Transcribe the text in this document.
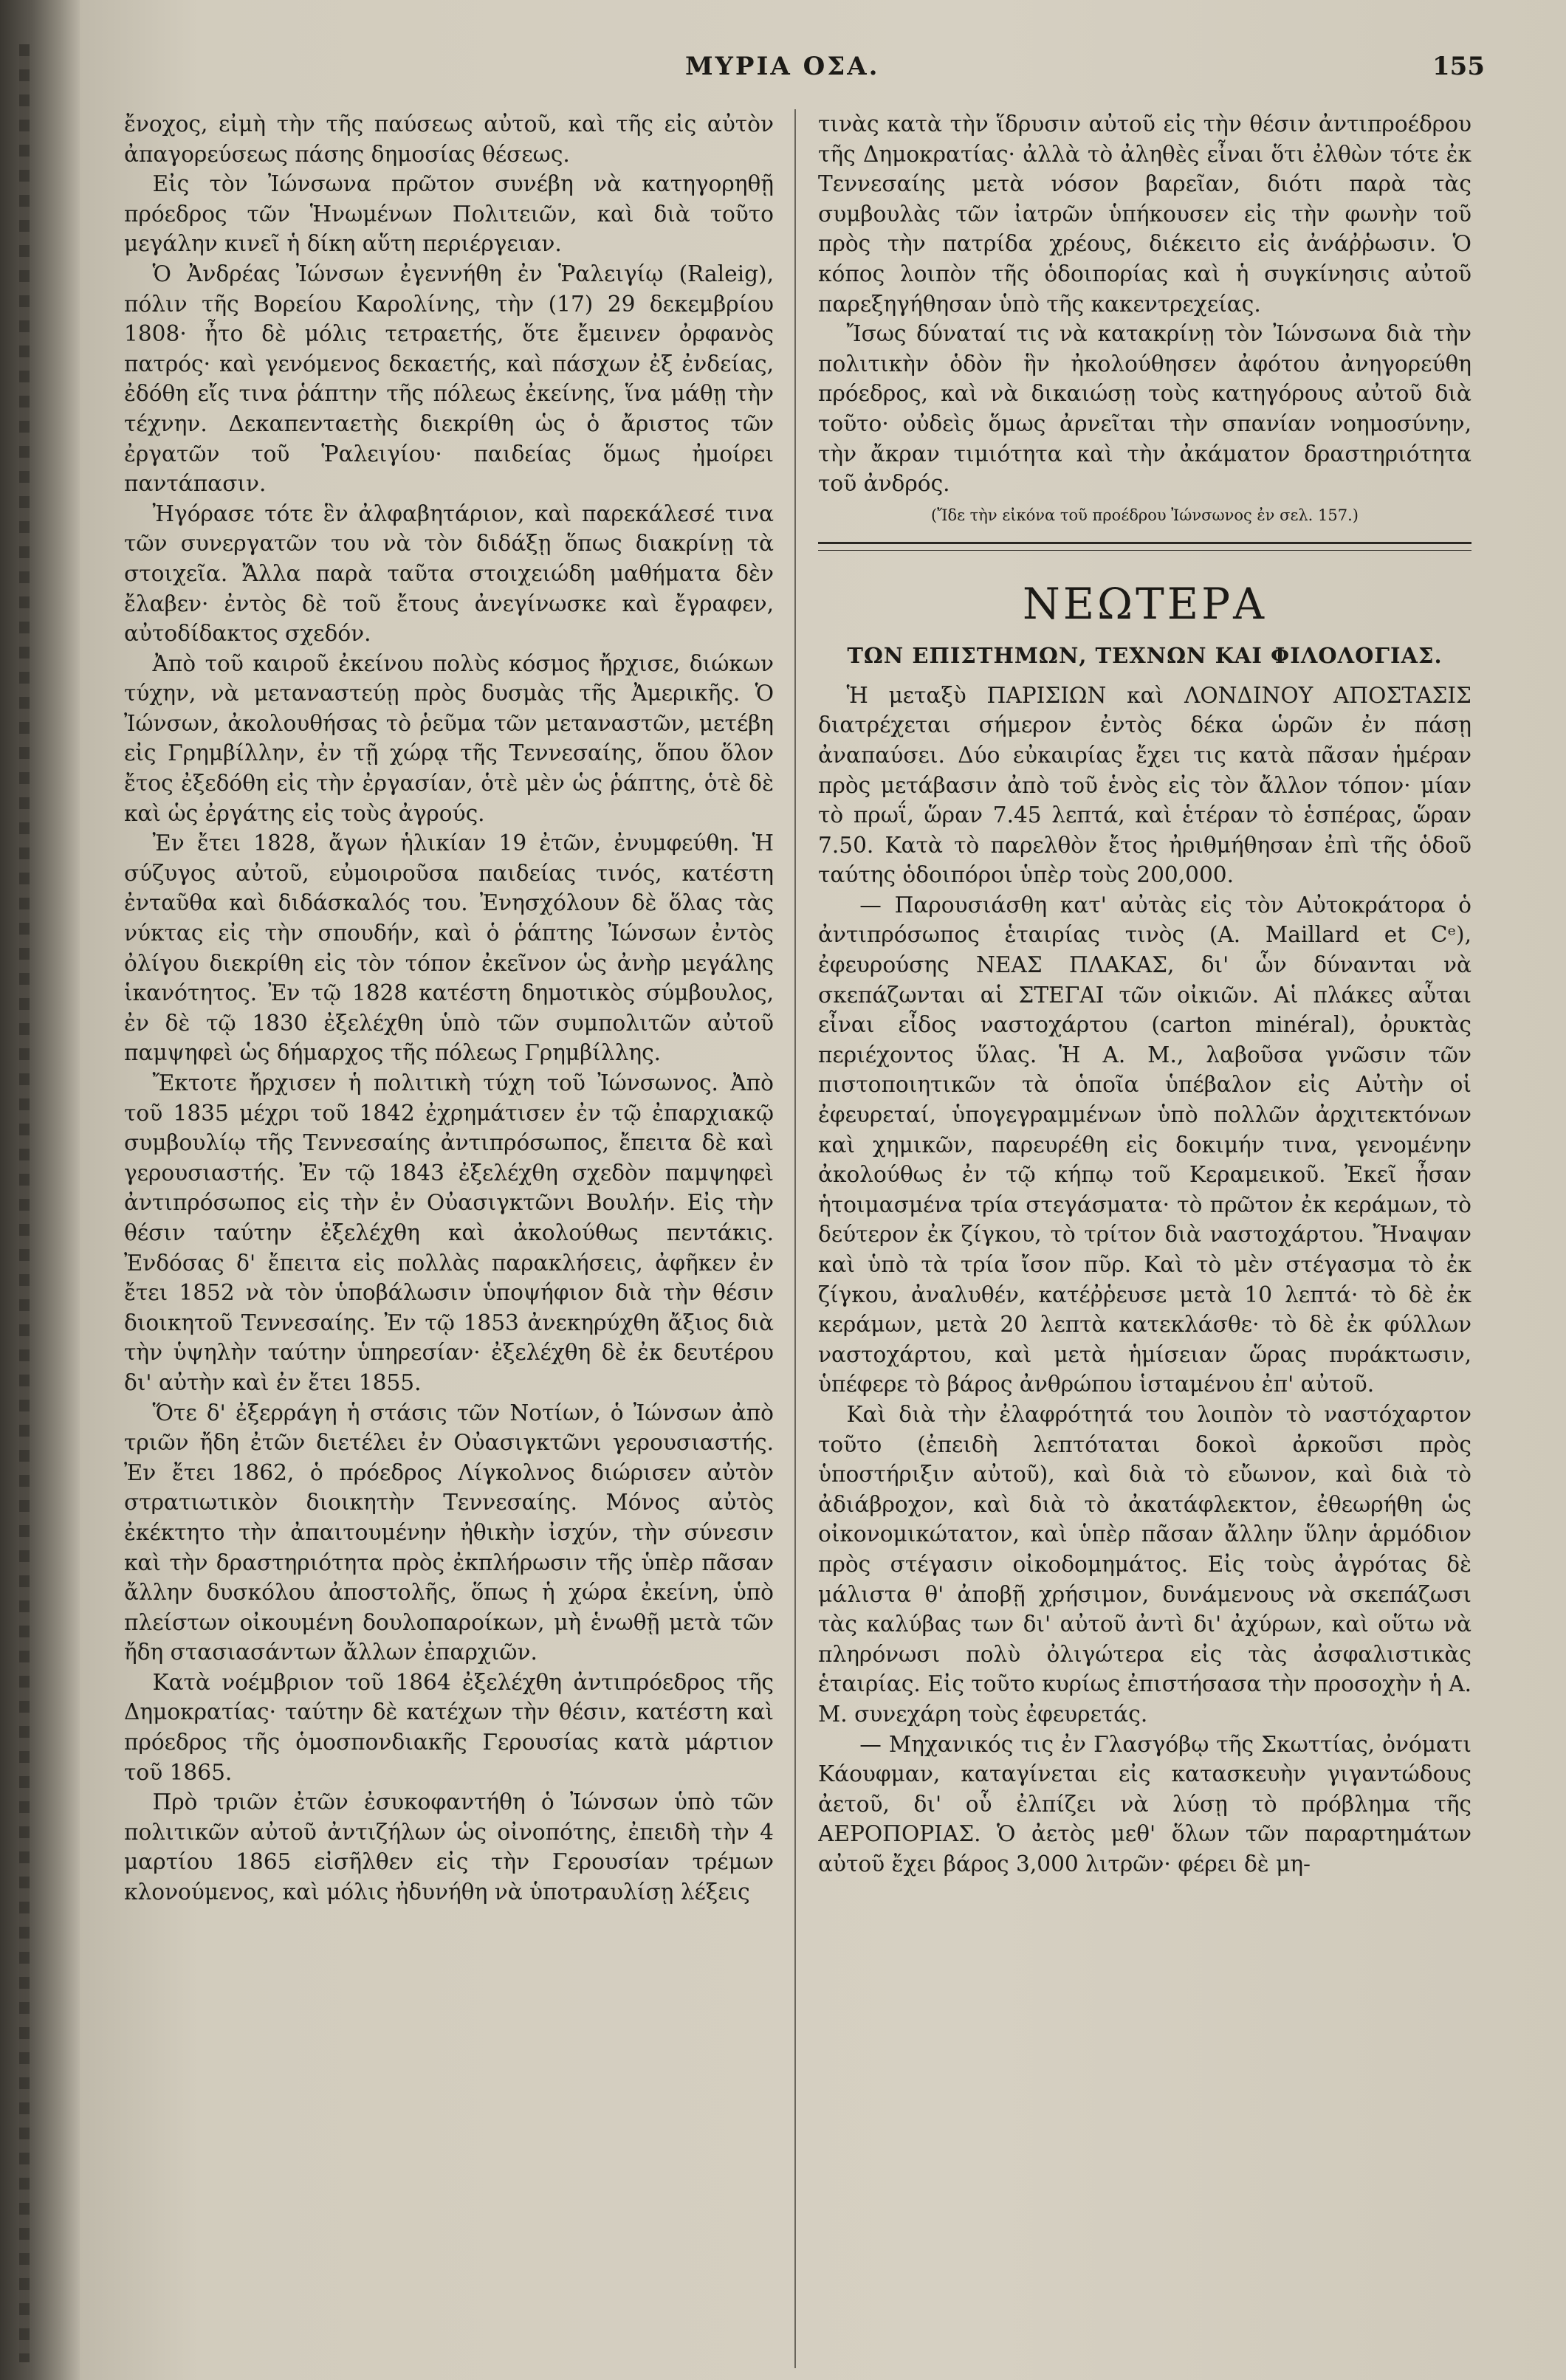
ΜΥΡΙΑ ΟΣΑ.	155

ἔνοχος, εἰμὴ τὴν τῆς παύσεως αὐτοῦ, καὶ τῆς εἰς αὐτὸν ἀπαγορεύσεως πάσης δημοσίας θέσεως.

Εἰς τὸν Ἰώνσωνα πρῶτον συνέβη νὰ κατηγορηθῇ πρόεδρος τῶν Ἡνωμένων Πολιτειῶν, καὶ διὰ τοῦτο μεγάλην κινεῖ ἡ δίκη αὕτη περιέργειαν.

Ὁ Ἀνδρέας Ἰώνσων ἐγεννήθη ἐν Ῥαλειγίῳ (Raleig), πόλιν τῆς Βορείου Καρολίνης, τὴν (17) 29 δεκεμβρίου 1808· ἦτο δὲ μόλις τετραετής, ὅτε ἔμεινεν ὀρφανὸς πατρός· καὶ γενόμενος δεκαετής, καὶ πάσχων ἐξ ἐνδείας, ἐδόθη εἴς τινα ῥάπτην τῆς πόλεως ἐκείνης, ἵνα μάθῃ τὴν τέχνην. Δεκαπενταετὴς διεκρίθη ὡς ὁ ἄριστος τῶν ἐργατῶν τοῦ Ῥαλειγίου· παιδείας ὅμως ἠμοίρει παντάπασιν.

Ἠγόρασε τότε ἓν ἀλφαβητάριον, καὶ παρεκάλεσέ τινα τῶν συνεργατῶν του νὰ τὸν διδάξῃ ὅπως διακρίνῃ τὰ στοιχεῖα. Ἄλλα παρὰ ταῦτα στοιχειώδη μαθήματα δὲν ἔλαβεν· ἐντὸς δὲ τοῦ ἔτους ἀνεγίνωσκε καὶ ἔγραφεν, αὐτοδίδακτος σχεδόν.

Ἀπὸ τοῦ καιροῦ ἐκείνου πολὺς κόσμος ἤρχισε, διώκων τύχην, νὰ μεταναστεύῃ πρὸς δυσμὰς τῆς Ἀμερικῆς. Ὁ Ἰώνσων, ἀκολουθήσας τὸ ῥεῦμα τῶν μεταναστῶν, μετέβη εἰς Γρημβίλλην, ἐν τῇ χώρᾳ τῆς Τεννεσαίης, ὅπου ὅλον ἔτος ἐξεδόθη εἰς τὴν ἐργασίαν, ὁτὲ μὲν ὡς ῥάπτης, ὁτὲ δὲ καὶ ὡς ἐργάτης εἰς τοὺς ἀγρούς.

Ἐν ἔτει 1828, ἄγων ἡλικίαν 19 ἐτῶν, ἐνυμφεύθη. Ἡ σύζυγος αὐτοῦ, εὐμοιροῦσα παιδείας τινός, κατέστη ἐνταῦθα καὶ διδάσκαλός του. Ἐνησχόλουν δὲ ὅλας τὰς νύκτας εἰς τὴν σπουδήν, καὶ ὁ ῥάπτης Ἰώνσων ἐντὸς ὀλίγου διεκρίθη εἰς τὸν τόπον ἐκεῖνον ὡς ἀνὴρ μεγάλης ἱκανότητος. Ἐν τῷ 1828 κατέστη δημοτικὸς σύμβουλος, ἐν δὲ τῷ 1830 ἐξελέχθη ὑπὸ τῶν συμπολιτῶν αὐτοῦ παμψηφεὶ ὡς δήμαρχος τῆς πόλεως Γρημβίλλης.

Ἔκτοτε ἤρχισεν ἡ πολιτικὴ τύχη τοῦ Ἰώνσωνος. Ἀπὸ τοῦ 1835 μέχρι τοῦ 1842 ἐχρημάτισεν ἐν τῷ ἐπαρχιακῷ συμβουλίῳ τῆς Τεννεσαίης ἀντιπρόσωπος, ἔπειτα δὲ καὶ γερουσιαστής. Ἐν τῷ 1843 ἐξελέχθη σχεδὸν παμψηφεὶ ἀντιπρόσωπος εἰς τὴν ἐν Οὐασιγκτῶνι Βουλήν. Εἰς τὴν θέσιν ταύτην ἐξελέχθη καὶ ἀκολούθως πεντάκις. Ἐνδόσας δ' ἔπειτα εἰς πολλὰς παρακλήσεις, ἀφῆκεν ἐν ἔτει 1852 νὰ τὸν ὑποβάλωσιν ὑποψήφιον διὰ τὴν θέσιν διοικητοῦ Τεννεσαίης. Ἐν τῷ 1853 ἀνεκηρύχθη ἄξιος διὰ τὴν ὑψηλὴν ταύτην ὑπηρεσίαν· ἐξελέχθη δὲ ἐκ δευτέρου δι' αὐτὴν καὶ ἐν ἔτει 1855.

Ὅτε δ' ἐξερράγη ἡ στάσις τῶν Νοτίων, ὁ Ἰώνσων ἀπὸ τριῶν ἤδη ἐτῶν διετέλει ἐν Οὐασιγκτῶνι γερουσιαστής. Ἐν ἔτει 1862, ὁ πρόεδρος Λίγκολνος διώρισεν αὐτὸν στρατιωτικὸν διοικητὴν Τεννεσαίης. Μόνος αὐτὸς ἐκέκτητο τὴν ἀπαιτουμένην ἠθικὴν ἰσχύν, τὴν σύνεσιν καὶ τὴν δραστηριότητα πρὸς ἐκπλήρωσιν τῆς ὑπὲρ πᾶσαν ἄλλην δυσκόλου ἀποστολῆς, ὅπως ἡ χώρα ἐκείνη, ὑπὸ πλείστων οἰκουμένη δουλοπαροίκων, μὴ ἑνωθῇ μετὰ τῶν ἤδη στασιασάντων ἄλλων ἐπαρχιῶν.

Κατὰ νοέμβριον τοῦ 1864 ἐξελέχθη ἀντιπρόεδρος τῆς Δημοκρατίας· ταύτην δὲ κατέχων τὴν θέσιν, κατέστη καὶ πρόεδρος τῆς ὁμοσπονδιακῆς Γερουσίας κατὰ μάρτιον τοῦ 1865.

Πρὸ τριῶν ἐτῶν ἐσυκοφαντήθη ὁ Ἰώνσων ὑπὸ τῶν πολιτικῶν αὐτοῦ ἀντιζήλων ὡς οἰνοπότης, ἐπειδὴ τὴν 4 μαρτίου 1865 εἰσῆλθεν εἰς τὴν Γερουσίαν τρέμων κλονούμενος, καὶ μόλις ἠδυνήθη νὰ ὑποτραυλίσῃ λέξεις

τινὰς κατὰ τὴν ἵδρυσιν αὐτοῦ εἰς τὴν θέσιν ἀντιπροέδρου τῆς Δημοκρατίας· ἀλλὰ τὸ ἀληθὲς εἶναι ὅτι ἐλθὼν τότε ἐκ Τεννεσαίης μετὰ νόσον βαρεῖαν, διότι παρὰ τὰς συμβουλὰς τῶν ἰατρῶν ὑπήκουσεν εἰς τὴν φωνὴν τοῦ πρὸς τὴν πατρίδα χρέους, διέκειτο εἰς ἀνάῤῥωσιν. Ὁ κόπος λοιπὸν τῆς ὁδοιπορίας καὶ ἡ συγκίνησις αὐτοῦ παρεξηγήθησαν ὑπὸ τῆς κακεντρεχείας.

Ἴσως δύναταί τις νὰ κατακρίνῃ τὸν Ἰώνσωνα διὰ τὴν πολιτικὴν ὁδὸν ἣν ἠκολούθησεν ἀφότου ἀνηγορεύθη πρόεδρος, καὶ νὰ δικαιώσῃ τοὺς κατηγόρους αὐτοῦ διὰ τοῦτο· οὐδεὶς ὅμως ἀρνεῖται τὴν σπανίαν νοημοσύνην, τὴν ἄκραν τιμιότητα καὶ τὴν ἀκάματον δραστηριότητα τοῦ ἀνδρός.

(Ἴδε τὴν εἰκόνα τοῦ προέδρου Ἰώνσωνος ἐν σελ. 157.)

ΝΕΩΤΕΡΑ
ΤΩΝ ΕΠΙΣΤΗΜΩΝ, ΤΕΧΝΩΝ ΚΑΙ ΦΙΛΟΛΟΓΙΑΣ.

Ἡ μεταξὺ ΠΑΡΙΣΙΩΝ καὶ ΛΟΝΔΙΝΟΥ ΑΠΟΣΤΑΣΙΣ διατρέχεται σήμερον ἐντὸς δέκα ὡρῶν ἐν πάσῃ ἀναπαύσει. Δύο εὐκαιρίας ἔχει τις κατὰ πᾶσαν ἡμέραν πρὸς μετάβασιν ἀπὸ τοῦ ἑνὸς εἰς τὸν ἄλλον τόπον· μίαν τὸ πρωΐ, ὥραν 7.45 λεπτά, καὶ ἑτέραν τὸ ἑσπέρας, ὥραν 7.50. Κατὰ τὸ παρελθὸν ἔτος ἠριθμήθησαν ἐπὶ τῆς ὁδοῦ ταύτης ὁδοιπόροι ὑπὲρ τοὺς 200,000.

— Παρουσιάσθη κατ' αὐτὰς εἰς τὸν Αὐτοκράτορα ὁ ἀντιπρόσωπος ἑταιρίας τινὸς (A. Maillard et Cᵉ), ἐφευρούσης ΝΕΑΣ ΠΛΑΚΑΣ, δι' ὧν δύνανται νὰ σκεπάζωνται αἱ ΣΤΕΓΑΙ τῶν οἰκιῶν. Αἱ πλάκες αὗται εἶναι εἶδος ναστοχάρτου (carton minéral), ὀρυκτὰς περιέχοντος ὕλας. Ἡ Α. Μ., λαβοῦσα γνῶσιν τῶν πιστοποιητικῶν τὰ ὁποῖα ὑπέβαλον εἰς Αὐτὴν οἱ ἐφευρεταί, ὑπογεγραμμένων ὑπὸ πολλῶν ἀρχιτεκτόνων καὶ χημικῶν, παρευρέθη εἰς δοκιμήν τινα, γενομένην ἀκολούθως ἐν τῷ κήπῳ τοῦ Κεραμεικοῦ. Ἐκεῖ ἦσαν ἡτοιμασμένα τρία στεγάσματα· τὸ πρῶτον ἐκ κεράμων, τὸ δεύτερον ἐκ ζίγκου, τὸ τρίτον διὰ ναστοχάρτου. Ἤναψαν καὶ ὑπὸ τὰ τρία ἴσον πῦρ. Καὶ τὸ μὲν στέγασμα τὸ ἐκ ζίγκου, ἀναλυθέν, κατέῤῥευσε μετὰ 10 λεπτά· τὸ δὲ ἐκ κεράμων, μετὰ 20 λεπτὰ κατεκλάσθε· τὸ δὲ ἐκ φύλλων ναστοχάρτου, καὶ μετὰ ἡμίσειαν ὥρας πυράκτωσιν, ὑπέφερε τὸ βάρος ἀνθρώπου ἱσταμένου ἐπ' αὐτοῦ.

Καὶ διὰ τὴν ἐλαφρότητά του λοιπὸν τὸ ναστόχαρτον τοῦτο (ἐπειδὴ λεπτόταται δοκοὶ ἀρκοῦσι πρὸς ὑποστήριξιν αὐτοῦ), καὶ διὰ τὸ εὔωνον, καὶ διὰ τὸ ἀδιάβροχον, καὶ διὰ τὸ ἀκατάφλεκτον, ἐθεωρήθη ὡς οἰκονομικώτατον, καὶ ὑπὲρ πᾶσαν ἄλλην ὕλην ἁρμόδιον πρὸς στέγασιν οἰκοδομημάτος. Εἰς τοὺς ἀγρότας δὲ μάλιστα θ' ἀποβῇ χρήσιμον, δυνάμενους νὰ σκεπάζωσι τὰς καλύβας των δι' αὐτοῦ ἀντὶ δι' ἀχύρων, καὶ οὕτω νὰ πληρόνωσι πολὺ ὀλιγώτερα εἰς τὰς ἀσφαλιστικὰς ἑταιρίας. Εἰς τοῦτο κυρίως ἐπιστήσασα τὴν προσοχὴν ἡ Α. Μ. συνεχάρη τοὺς ἐφευρετάς.

— Μηχανικός τις ἐν Γλασγόβῳ τῆς Σκωττίας, ὀνόματι Κάουφμαν, καταγίνεται εἰς κατασκευὴν γιγαντώδους ἀετοῦ, δι' οὗ ἐλπίζει νὰ λύσῃ τὸ πρόβλημα τῆς ΑΕΡΟΠΟΡΙΑΣ. Ὁ ἀετὸς μεθ' ὅλων τῶν παραρτημάτων αὐτοῦ ἔχει βάρος 3,000 λιτρῶν· φέρει δὲ μη-
